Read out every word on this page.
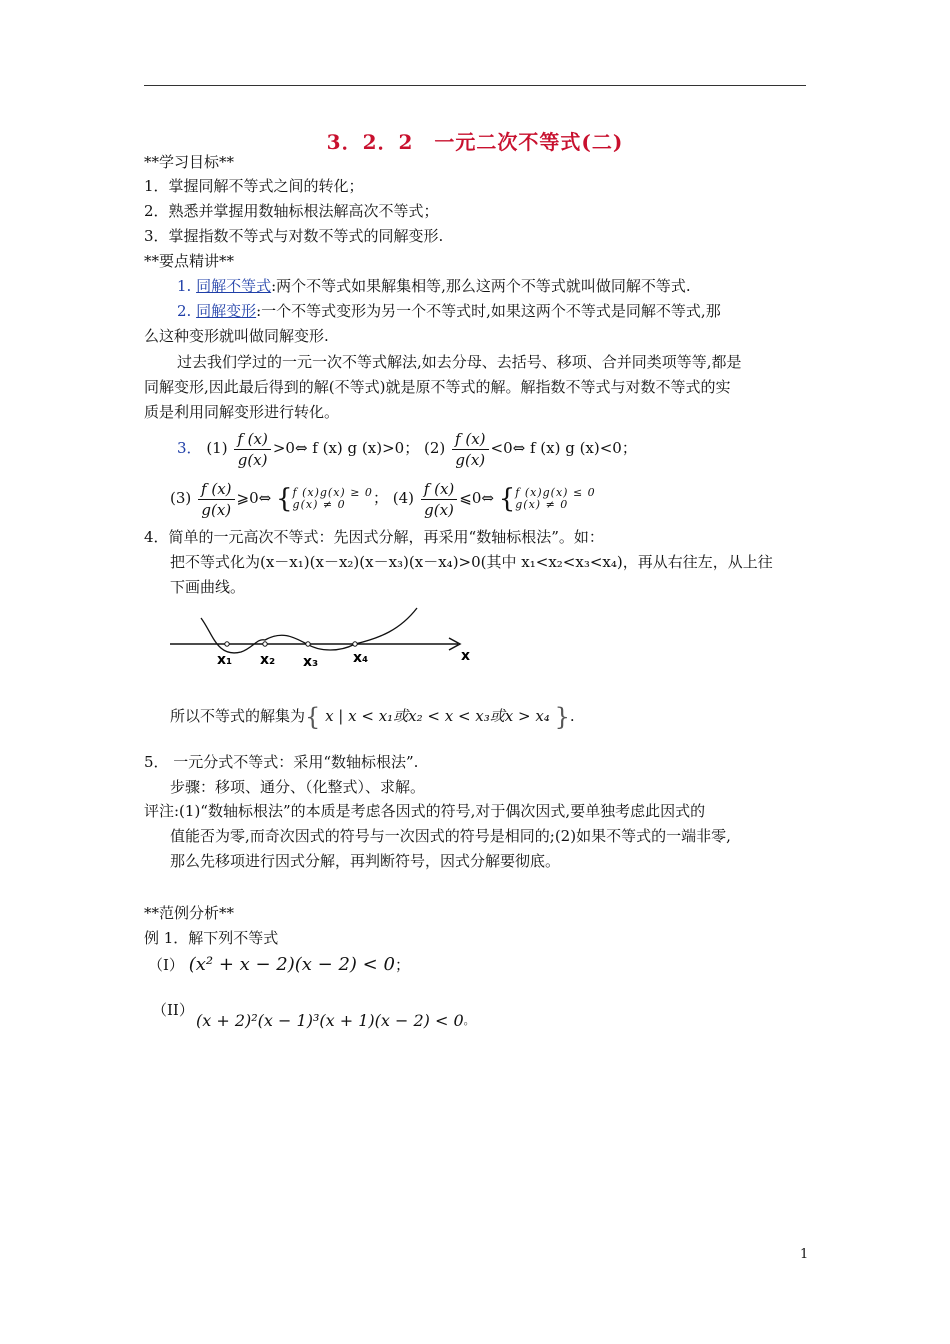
3．2．2　一元二次不等式(二)
**学习目标**
1．掌握同解不等式之间的转化；
2．熟悉并掌握用数轴标根法解高次不等式；
3．掌握指数不等式与对数不等式的同解变形.
**要点精讲**
1. 同解不等式:两个不等式如果解集相等,那么这两个不等式就叫做同解不等式.
2. 同解变形:一个不等式变形为另一个不等式时,如果这两个不等式是同解不等式,那
么这种变形就叫做同解变形.
过去我们学过的一元一次不等式解法,如去分母、去括号、移项、合并同类项等等,都是
同解变形,因此最后得到的解(不等式)就是原不等式的解。解指数不等式与对数不等式的实
质是利用同解变形进行转化。
3． $(1) \frac{f (x)}{g(x)}$ >0⇔ f (x) g (x)>0； $(2) \frac{f (x)}{g(x)}$ <0⇔ f (x) g (x)<0；
$(3) \frac{f (x)}{g(x)}$ ⩾0⇔ { f (x)g(x) ≥ 0
g(x) ≠ 0	； $(4) \frac{f (x)}{g(x)}$ ⩽0⇔ { f (x)g(x) ≤ 0
g(x) ≠ 0
4．简单的一元高次不等式：先因式分解，再采用“数轴标根法”。如：
把不等式化为(x－x₁)(x－x₂)(x－x₃)(x－x₄)>0(其中 x₁<x₂<x₃<x₄)，再从右往左，从上往
下画曲线。
x₁ x₂ x₃ x₄	x
所以不等式的解集为{ x | x < x₁或x₂ < x < x₃或x > x₄ }.
5． 一元分式不等式：采用“数轴标根法”.
步骤：移项、通分、（化整式）、求解。
评注:(1)“数轴标根法”的本质是考虑各因式的符号,对于偶次因式,要单独考虑此因式的
值能否为零,而奇次因式的符号与一次因式的符号是相同的;(2)如果不等式的一端非零,
那么先移项进行因式分解，再判断符号，因式分解要彻底。
**范例分析**
例 1．解下列不等式
（I） (x² + x − 2)(x − 2) < 0；
（II）
(x + 2)²(x − 1)³(x + 1)(x − 2) < 0。
1
